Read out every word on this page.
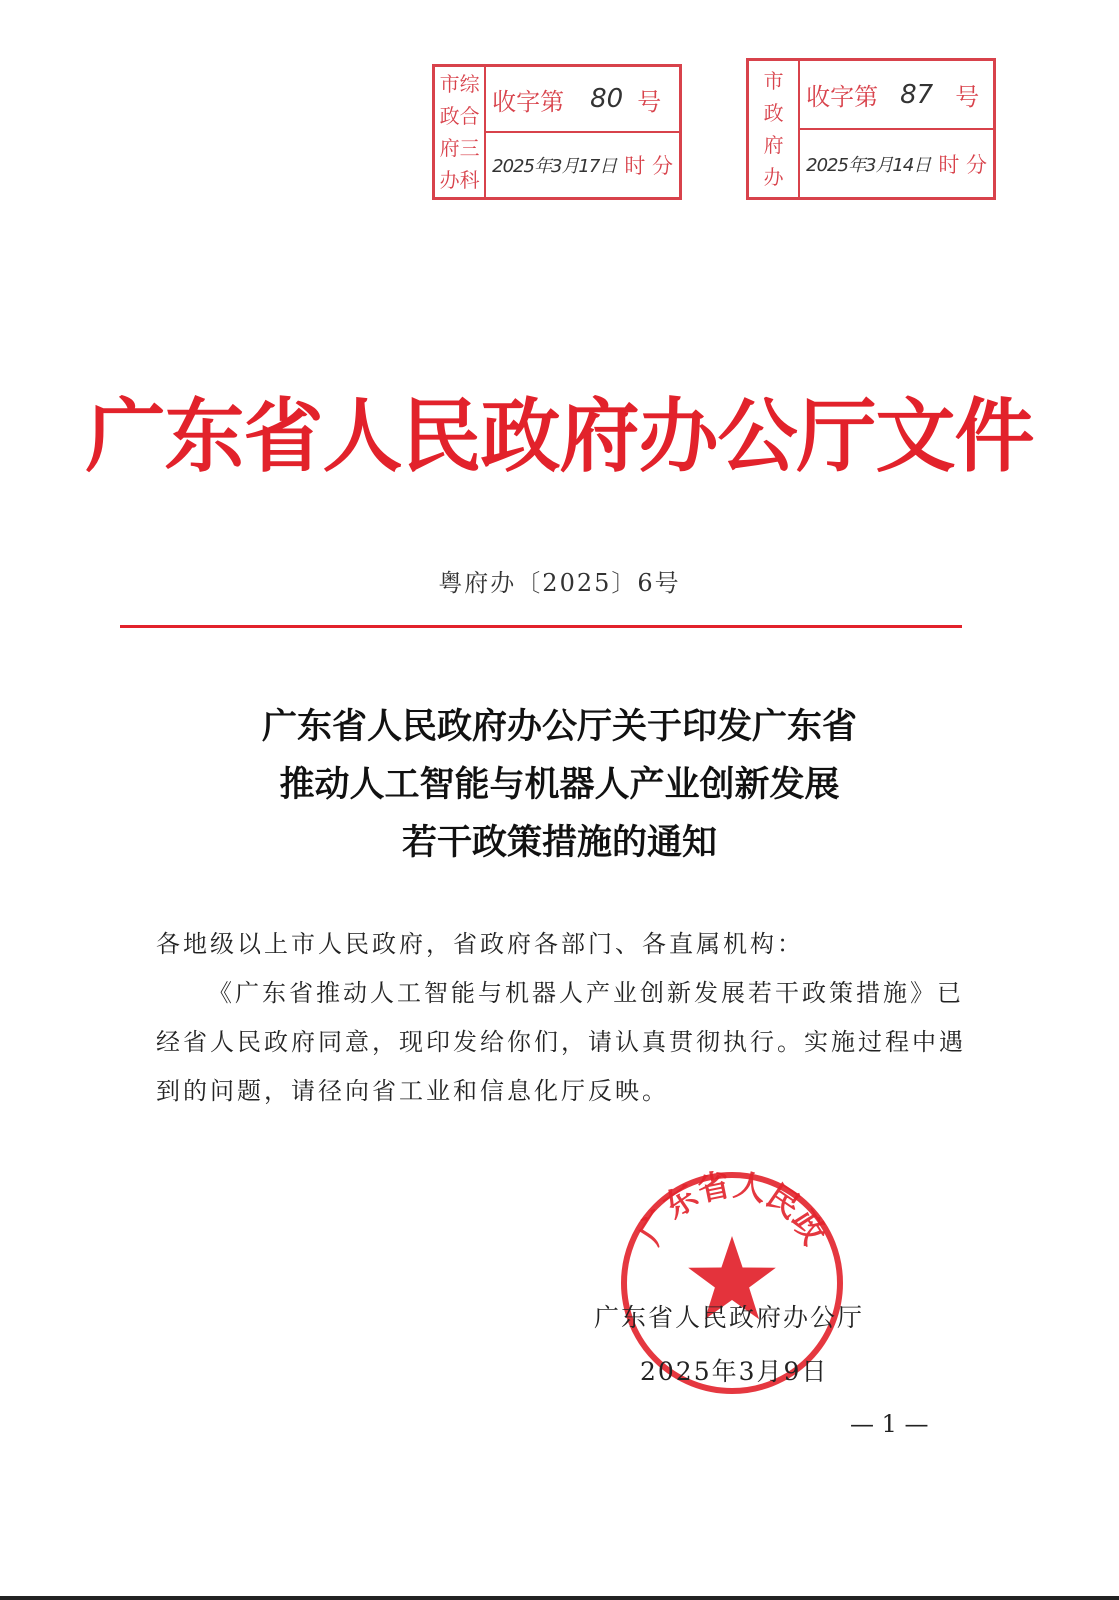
市 综
政 合
府 三
办 科
收字第 80 号
2025年3月17日 时 分
市
政
府
办
收字第 87 号
2025年3月14日 时 分
广东省人民政府办公厅文件
粤府办〔2025〕6号
广东省人民政府办公厅关于印发广东省
推动人工智能与机器人产业创新发展
若干政策措施的通知

各地级以上市人民政府，省政府各部门、各直属机构：

《广东省推动人工智能与机器人产业创新发展若干政策措施》已经省人民政府同意，现印发给你们，请认真贯彻执行。实施过程中遇到的问题，请径向省工业和信息化厅反映。

广东省人民政
广东省人民政府办公厅
2025年3月9日
— 1 —
